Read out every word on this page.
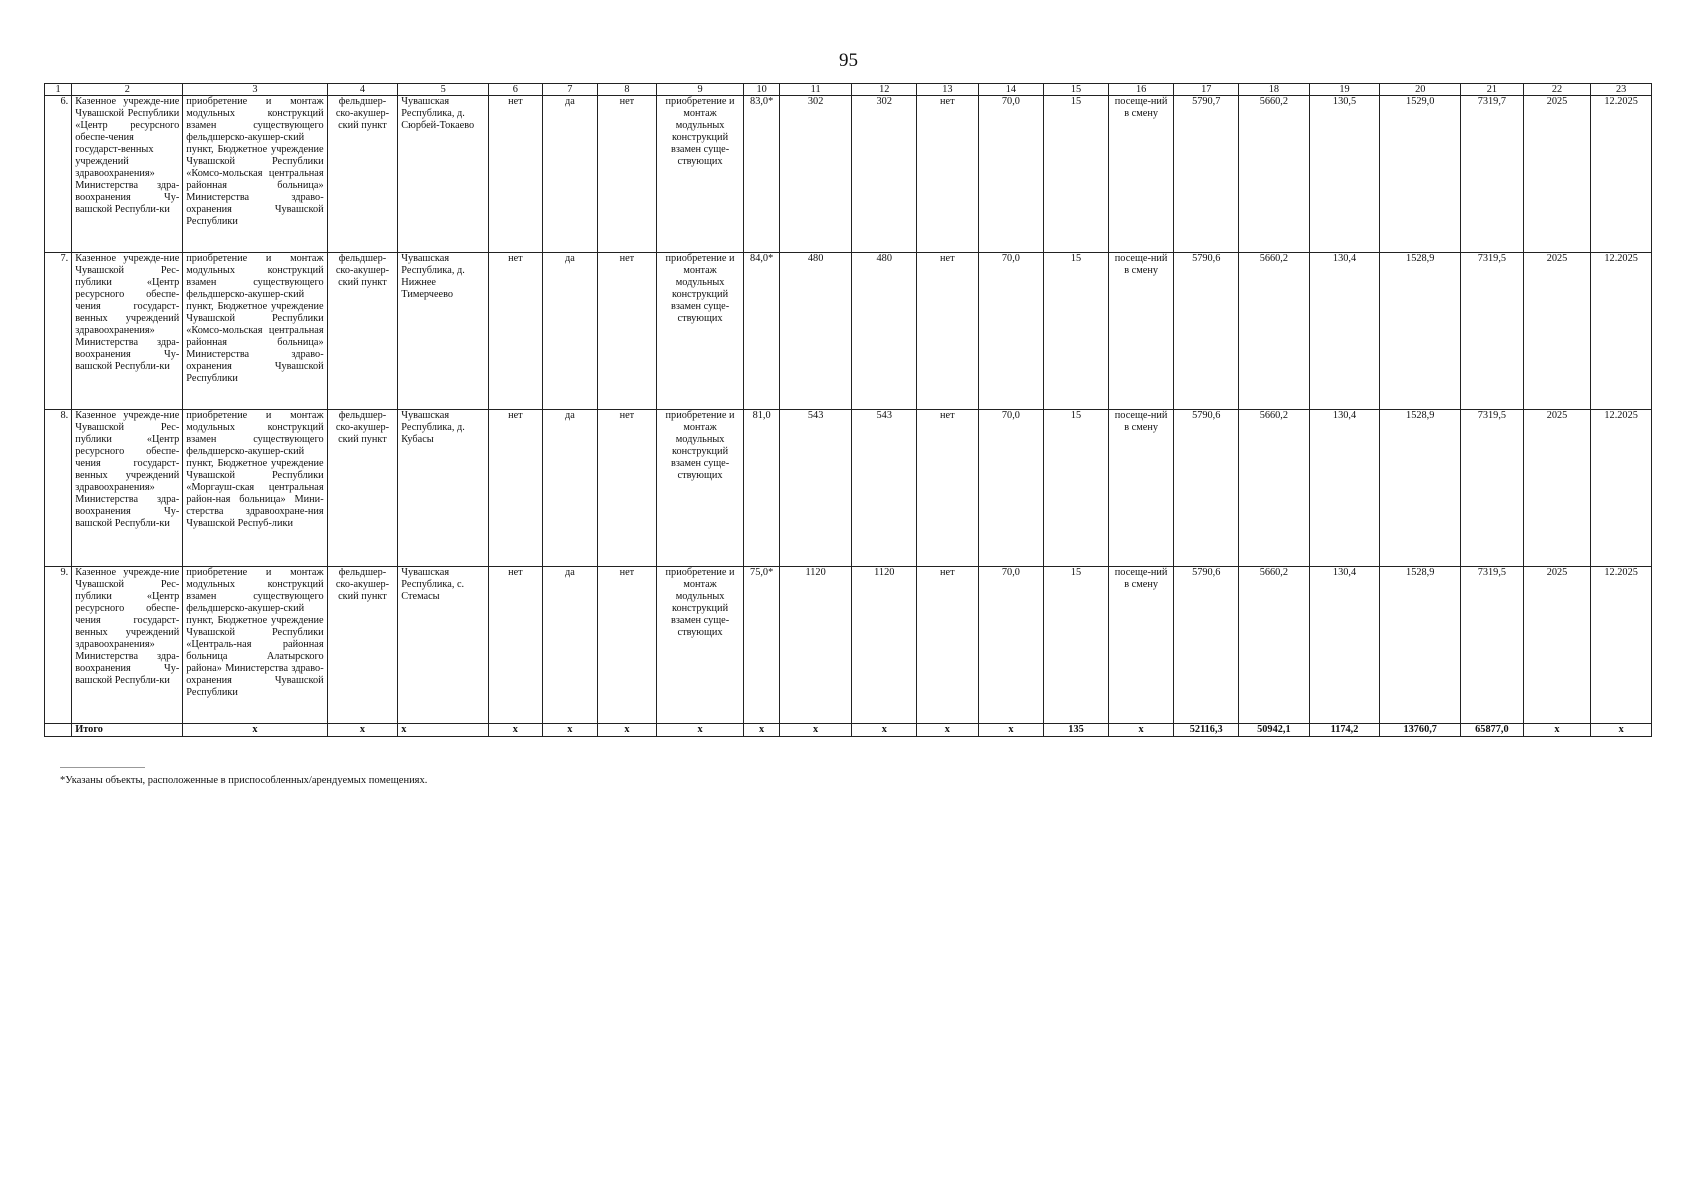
95
1	2	3	4	5	6	7	8	9	10	11	12	13	14	15	16	17	18	19	20	21	22	23
6.	Казенное учрежде-ние Чувашской Республики «Центр ресурсного обеспе-чения государст-венных учреждений здравоохранения» Министерства здра-воохранения Чу-вашской Республи-ки	приобретение и монтаж модульных конструкций взамен существующего фельдшерско-акушер-ский пункт, Бюджетное учреждение Чувашской Республики «Комсо-мольская центральная районная больница» Министерства здраво-охранения Чувашской Республики	фельдшер-ско-акушер-ский пункт	Чувашская Республика, д. Сюрбей-Токаево	нет	да	нет	приобретение и монтаж модульных конструкций взамен суще-ствующих	83,0*	302	302	нет	70,0	15	посеще-ний в смену	5790,7	5660,2	130,5	1529,0	7319,7	2025	12.2025
7.	Казенное учрежде-ние Чувашской Рес-публики «Центр ресурсного обеспе-чения государст-венных учреждений здравоохранения» Министерства здра-воохранения Чу-вашской Республи-ки	приобретение и монтаж модульных конструкций взамен существующего фельдшерско-акушер-ский пункт, Бюджетное учреждение Чувашской Республики «Комсо-мольская центральная районная больница» Министерства здраво-охранения Чувашской Республики	фельдшер-ско-акушер-ский пункт	Чувашская Республика, д. Нижнее Тимерчеево	нет	да	нет	приобретение и монтаж модульных конструкций взамен суще-ствующих	84,0*	480	480	нет	70,0	15	посеще-ний в смену	5790,6	5660,2	130,4	1528,9	7319,5	2025	12.2025
8.	Казенное учрежде-ние Чувашской Рес-публики «Центр ресурсного обеспе-чения государст-венных учреждений здравоохранения» Министерства здра-воохранения Чу-вашской Республи-ки	приобретение и монтаж модульных конструкций взамен существующего фельдшерско-акушер-ский пункт, Бюджетное учреждение Чувашской Республики «Моргауш-ская центральная район-ная больница» Мини-стерства здравоохране-ния Чувашской Респуб-лики	фельдшер-ско-акушер-ский пункт	Чувашская Республика, д. Кубасы	нет	да	нет	приобретение и монтаж модульных конструкций взамен суще-ствующих	81,0	543	543	нет	70,0	15	посеще-ний в смену	5790,6	5660,2	130,4	1528,9	7319,5	2025	12.2025
9.	Казенное учрежде-ние Чувашской Рес-публики «Центр ресурсного обеспе-чения государст-венных учреждений здравоохранения» Министерства здра-воохранения Чу-вашской Республи-ки	приобретение и монтаж модульных конструкций взамен существующего фельдшерско-акушер-ский пункт, Бюджетное учреждение Чувашской Республики «Централь-ная районная больница Алатырского района» Министерства здраво-охранения Чувашской Республики	фельдшер-ско-акушер-ский пункт	Чувашская Республика, с. Стемасы	нет	да	нет	приобретение и монтаж модульных конструкций взамен суще-ствующих	75,0*	1120	1120	нет	70,0	15	посеще-ний в смену	5790,6	5660,2	130,4	1528,9	7319,5	2025	12.2025
	Итого	x	x	x	x	x	x	x	x	x	x	x	x	135	x	52116,3	50942,1	1174,2	13760,7	65877,0	x	x
*Указаны объекты, расположенные в приспособленных/арендуемых помещениях.
